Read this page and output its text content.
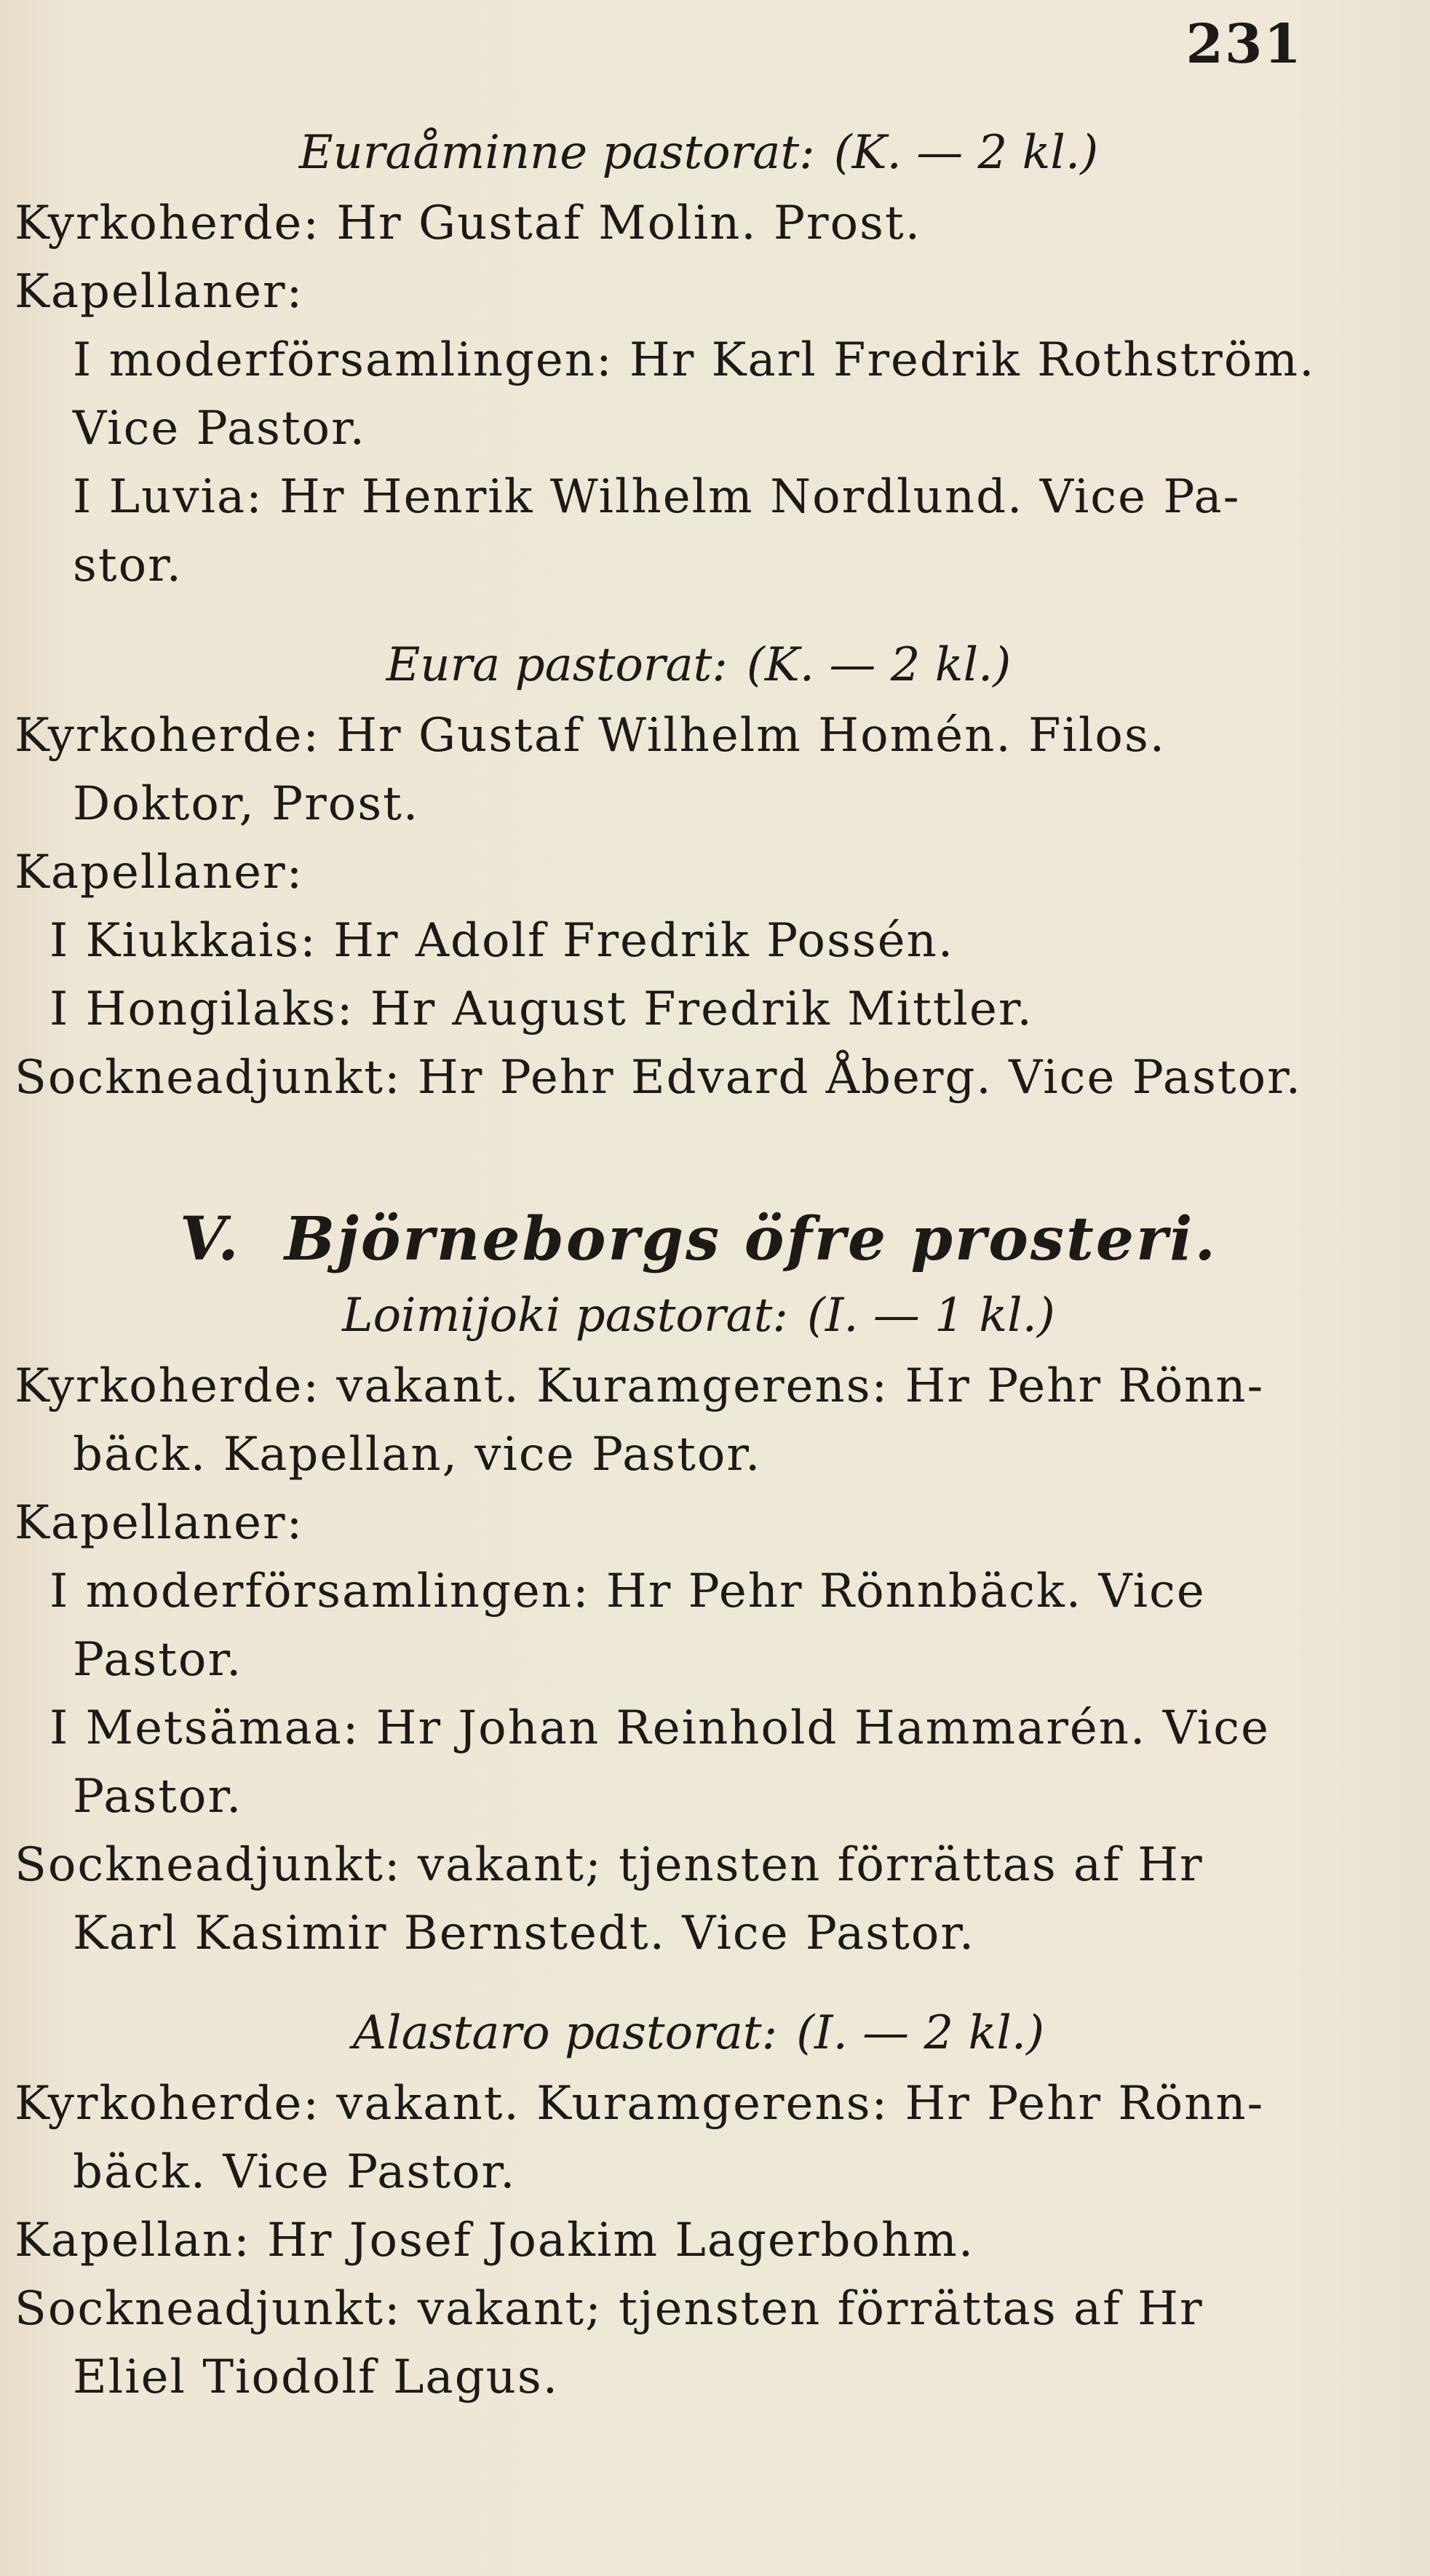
231
Euraåminne pastorat: (K. — 2 kl.)
Kyrkoherde: Hr Gustaf Molin. Prost.
Kapellaner:
I moderförsamlingen: Hr Karl Fredrik Rothström.
Vice Pastor.
I Luvia: Hr Henrik Wilhelm Nordlund. Vice Pa-
stor.
Eura pastorat: (K. — 2 kl.)
Kyrkoherde: Hr Gustaf Wilhelm Homén. Filos.
Doktor, Prost.
Kapellaner:
I Kiukkais: Hr Adolf Fredrik Possén.
I Hongilaks: Hr August Fredrik Mittler.
Sockneadjunkt: Hr Pehr Edvard Åberg. Vice Pastor.
V. Björneborgs öfre prosteri.
Loimijoki pastorat: (I. — 1 kl.)
Kyrkoherde: vakant. Kuramgerens: Hr Pehr Rönn-
bäck. Kapellan, vice Pastor.
Kapellaner:
I moderförsamlingen: Hr Pehr Rönnbäck. Vice
Pastor.
I Metsämaa: Hr Johan Reinhold Hammarén. Vice
Pastor.
Sockneadjunkt: vakant; tjensten förrättas af Hr
Karl Kasimir Bernstedt. Vice Pastor.
Alastaro pastorat: (I. — 2 kl.)
Kyrkoherde: vakant. Kuramgerens: Hr Pehr Rönn-
bäck. Vice Pastor.
Kapellan: Hr Josef Joakim Lagerbohm.
Sockneadjunkt: vakant; tjensten förrättas af Hr
Eliel Tiodolf Lagus.
